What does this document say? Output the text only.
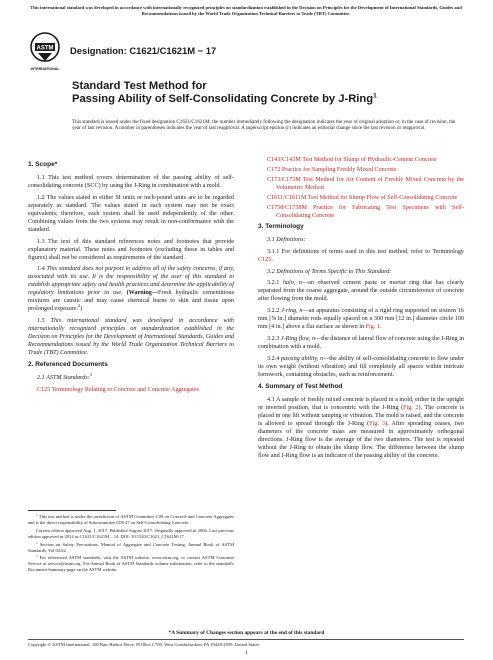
This international standard was developed in accordance with internationally recognized principles on standardization established in the Decision on Principles for the Development of International Standards, Guides and Recommendations issued by the World Trade Organization Technical Barriers to Trade (TBT) Committee.
ASTM
INTERNATIONAL
Designation: C1621/C1621M − 17
Standard Test Method for
Passing Ability of Self-Consolidating Concrete by J-Ring$^1$
This standard is issued under the fixed designation C1621/C1621M; the number immediately following the designation indicates the year of original adoption or, in the case of revision, the year of last revision. A number in parentheses indicates the year of last reapproval. A superscript epsilon (ε) indicates an editorial change since the last revision or reapproval.
1. Scope*

1.1 This test method covers determination of the passing ability of self-consolidating concrete (SCC) by using the J-Ring in combination with a mold.

1.2 The values stated in either SI units or inch-pound units are to be regarded separately as standard. The values stated in each system may not be exact equivalents; therefore, each system shall be used independently of the other. Combining values from the two systems may result in non-conformance with the standard.

1.3 The text of this standard references notes and footnotes that provide explanatory material. These notes and footnotes (excluding those in tables and figures) shall not be considered as requirements of the standard.

1.4 This standard does not purport to address all of the safety concerns, if any, associated with its use. It is the responsibility of the user of this standard to establish appropriate safety and health practices and determine the applicability of regulatory limitations prior to use. (Warning—Fresh hydraulic cementitious mixtures are caustic and may cause chemical burns to skin and tissue upon prolonged exposure.$^2$)

1.5 This international standard was developed in accordance with internationally recognized principles on standardization established in the Decision on Principles for the Development of International Standards, Guides and Recommendations issued by the World Trade Organization Technical Barriers to Trade (TBT) Committee.

2. Referenced Documents

2.1 ASTM Standards:$^3$

C125 Terminology Relating to Concrete and Concrete Aggregates

$^1$ This test method is under the jurisdiction of ASTM Committee C09 on Concrete and Concrete Aggregates and is the direct responsibility of Subcommittee C09.47 on Self-Consolidating Concrete.

Current edition approved Aug. 1, 2017. Published August 2017. Originally approved in 2006. Last previous edition approved in 2014 as C1621/C1621M – 14. DOI: 10.1520/C1621_C1621M-17.

$^2$ Section on Safety Precautions, Manual of Aggregate and Concrete Testing, Annual Book of ASTM Standards, Vol 04.02.

$^3$ For referenced ASTM standards, visit the ASTM website, www.astm.org, or contact ASTM Customer Service at service@astm.org. For Annual Book of ASTM Standards volume information, refer to the standard's Document Summary page on the ASTM website.

C143/C143M Test Method for Slump of Hydraulic-Cement Concrete

C172 Practice for Sampling Freshly Mixed Concrete

C173/C173M Test Method for Air Content of Freshly Mixed Concrete by the Volumetric Method

C1611/C1611M Test Method for Slump Flow of Self-Consolidating Concrete

C1758/C1758M Practice for Fabricating Test Specimens with Self-Consolidating Concrete

3. Terminology

3.1 Definitions:

3.1.1 For definitions of terms used in this test method, refer to Terminology C125.

3.2 Definitions of Terms Specific to This Standard:

3.2.1 halo, n—an observed cement paste or mortar ring that has clearly separated from the coarse aggregate, around the outside circumference of concrete after flowing from the mold.

3.2.2 J-ring, n—an apparatus consisting of a rigid ring supported on sixteen 16 mm [⅝ in.] diameter rods equally spaced on a 300 mm [12 in.] diameter circle 100 mm [4 in.] above a flat surface as shown in Fig. 1.

3.2.3 J-Ring flow, n—the distance of lateral flow of concrete using the J-Ring in combination with a mold.

3.2.4 passing ability, n—the ability of self-consolidating concrete to flow under its own weight (without vibration) and fill completely all spaces within intricate formwork, containing obstacles, such as reinforcement.

4. Summary of Test Method

4.1 A sample of freshly mixed concrete is placed in a mold, either in the upright or inverted position, that is concentric with the J-Ring (Fig. 2). The concrete is placed in one lift without tamping or vibration. The mold is raised, and the concrete is allowed to spread through the J-Ring (Fig. 3). After spreading ceases, two diameters of the concrete mass are measured in approximately orthogonal directions. J-Ring flow is the average of the two diameters. The test is repeated without the J-Ring to obtain the slump flow. The difference between the slump flow and J-Ring flow is an indicator of the passing ability of the concrete.

*A Summary of Changes section appears at the end of this standard
Copyright © ASTM International, 100 Barr Harbor Drive, PO Box C700, West Conshohocken, PA 19428-2959. United States
1
